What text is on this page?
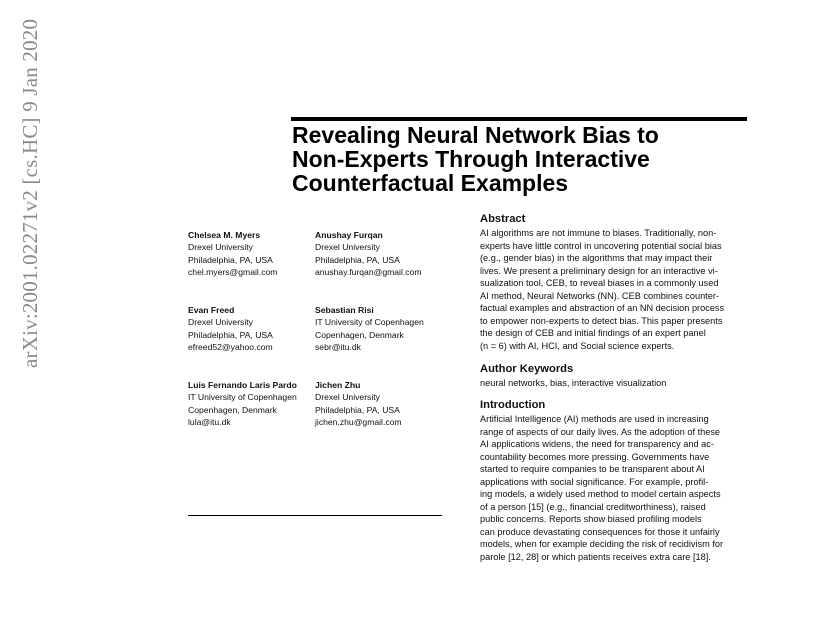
arXiv:2001.02271v2 [cs.HC] 9 Jan 2020	Revealing Neural Network Bias to
Non-Experts Through Interactive
Counterfactual Examples
Chelsea M. Myers
Drexel University
Philadelphia, PA, USA
chel.myers@gmail.com
Anushay Furqan
Drexel University
Philadelphia, PA, USA
anushay.furqan@gmail.com
Evan Freed
Drexel University
Philadelphia, PA, USA
efreed52@yahoo.com
Sebastian Risi
IT University of Copenhagen
Copenhagen, Denmark
sebr@itu.dk
Luis Fernando Laris Pardo
IT University of Copenhagen
Copenhagen, Denmark
lula@itu.dk
Jichen Zhu
Drexel University
Philadelphia, PA, USA
jichen.zhu@gmail.com
Abstract

AI algorithms are not immune to biases. Traditionally, non-
experts have little control in uncovering potential social bias
(e.g., gender bias) in the algorithms that may impact their
lives. We present a preliminary design for an interactive vi-
sualization tool, CEB, to reveal biases in a commonly used
AI method, Neural Networks (NN). CEB combines counter-
factual examples and abstraction of an NN decision process
to empower non-experts to detect bias. This paper presents
the design of CEB and initial findings of an expert panel
(n = 6) with AI, HCI, and Social science experts.

Author Keywords

neural networks, bias, interactive visualization

Introduction

Artificial Intelligence (AI) methods are used in increasing
range of aspects of our daily lives. As the adoption of these
AI applications widens, the need for transparency and ac-
countability becomes more pressing. Governments have
started to require companies to be transparent about AI
applications with social significance. For example, profil-
ing models, a widely used method to model certain aspects
of a person [15] (e.g., financial creditworthiness), raised
public concerns. Reports show biased profiling models
can produce devastating consequences for those it unfairly
models, when for example deciding the risk of recidivism for
parole [12, 28] or which patients receives extra care [18].
